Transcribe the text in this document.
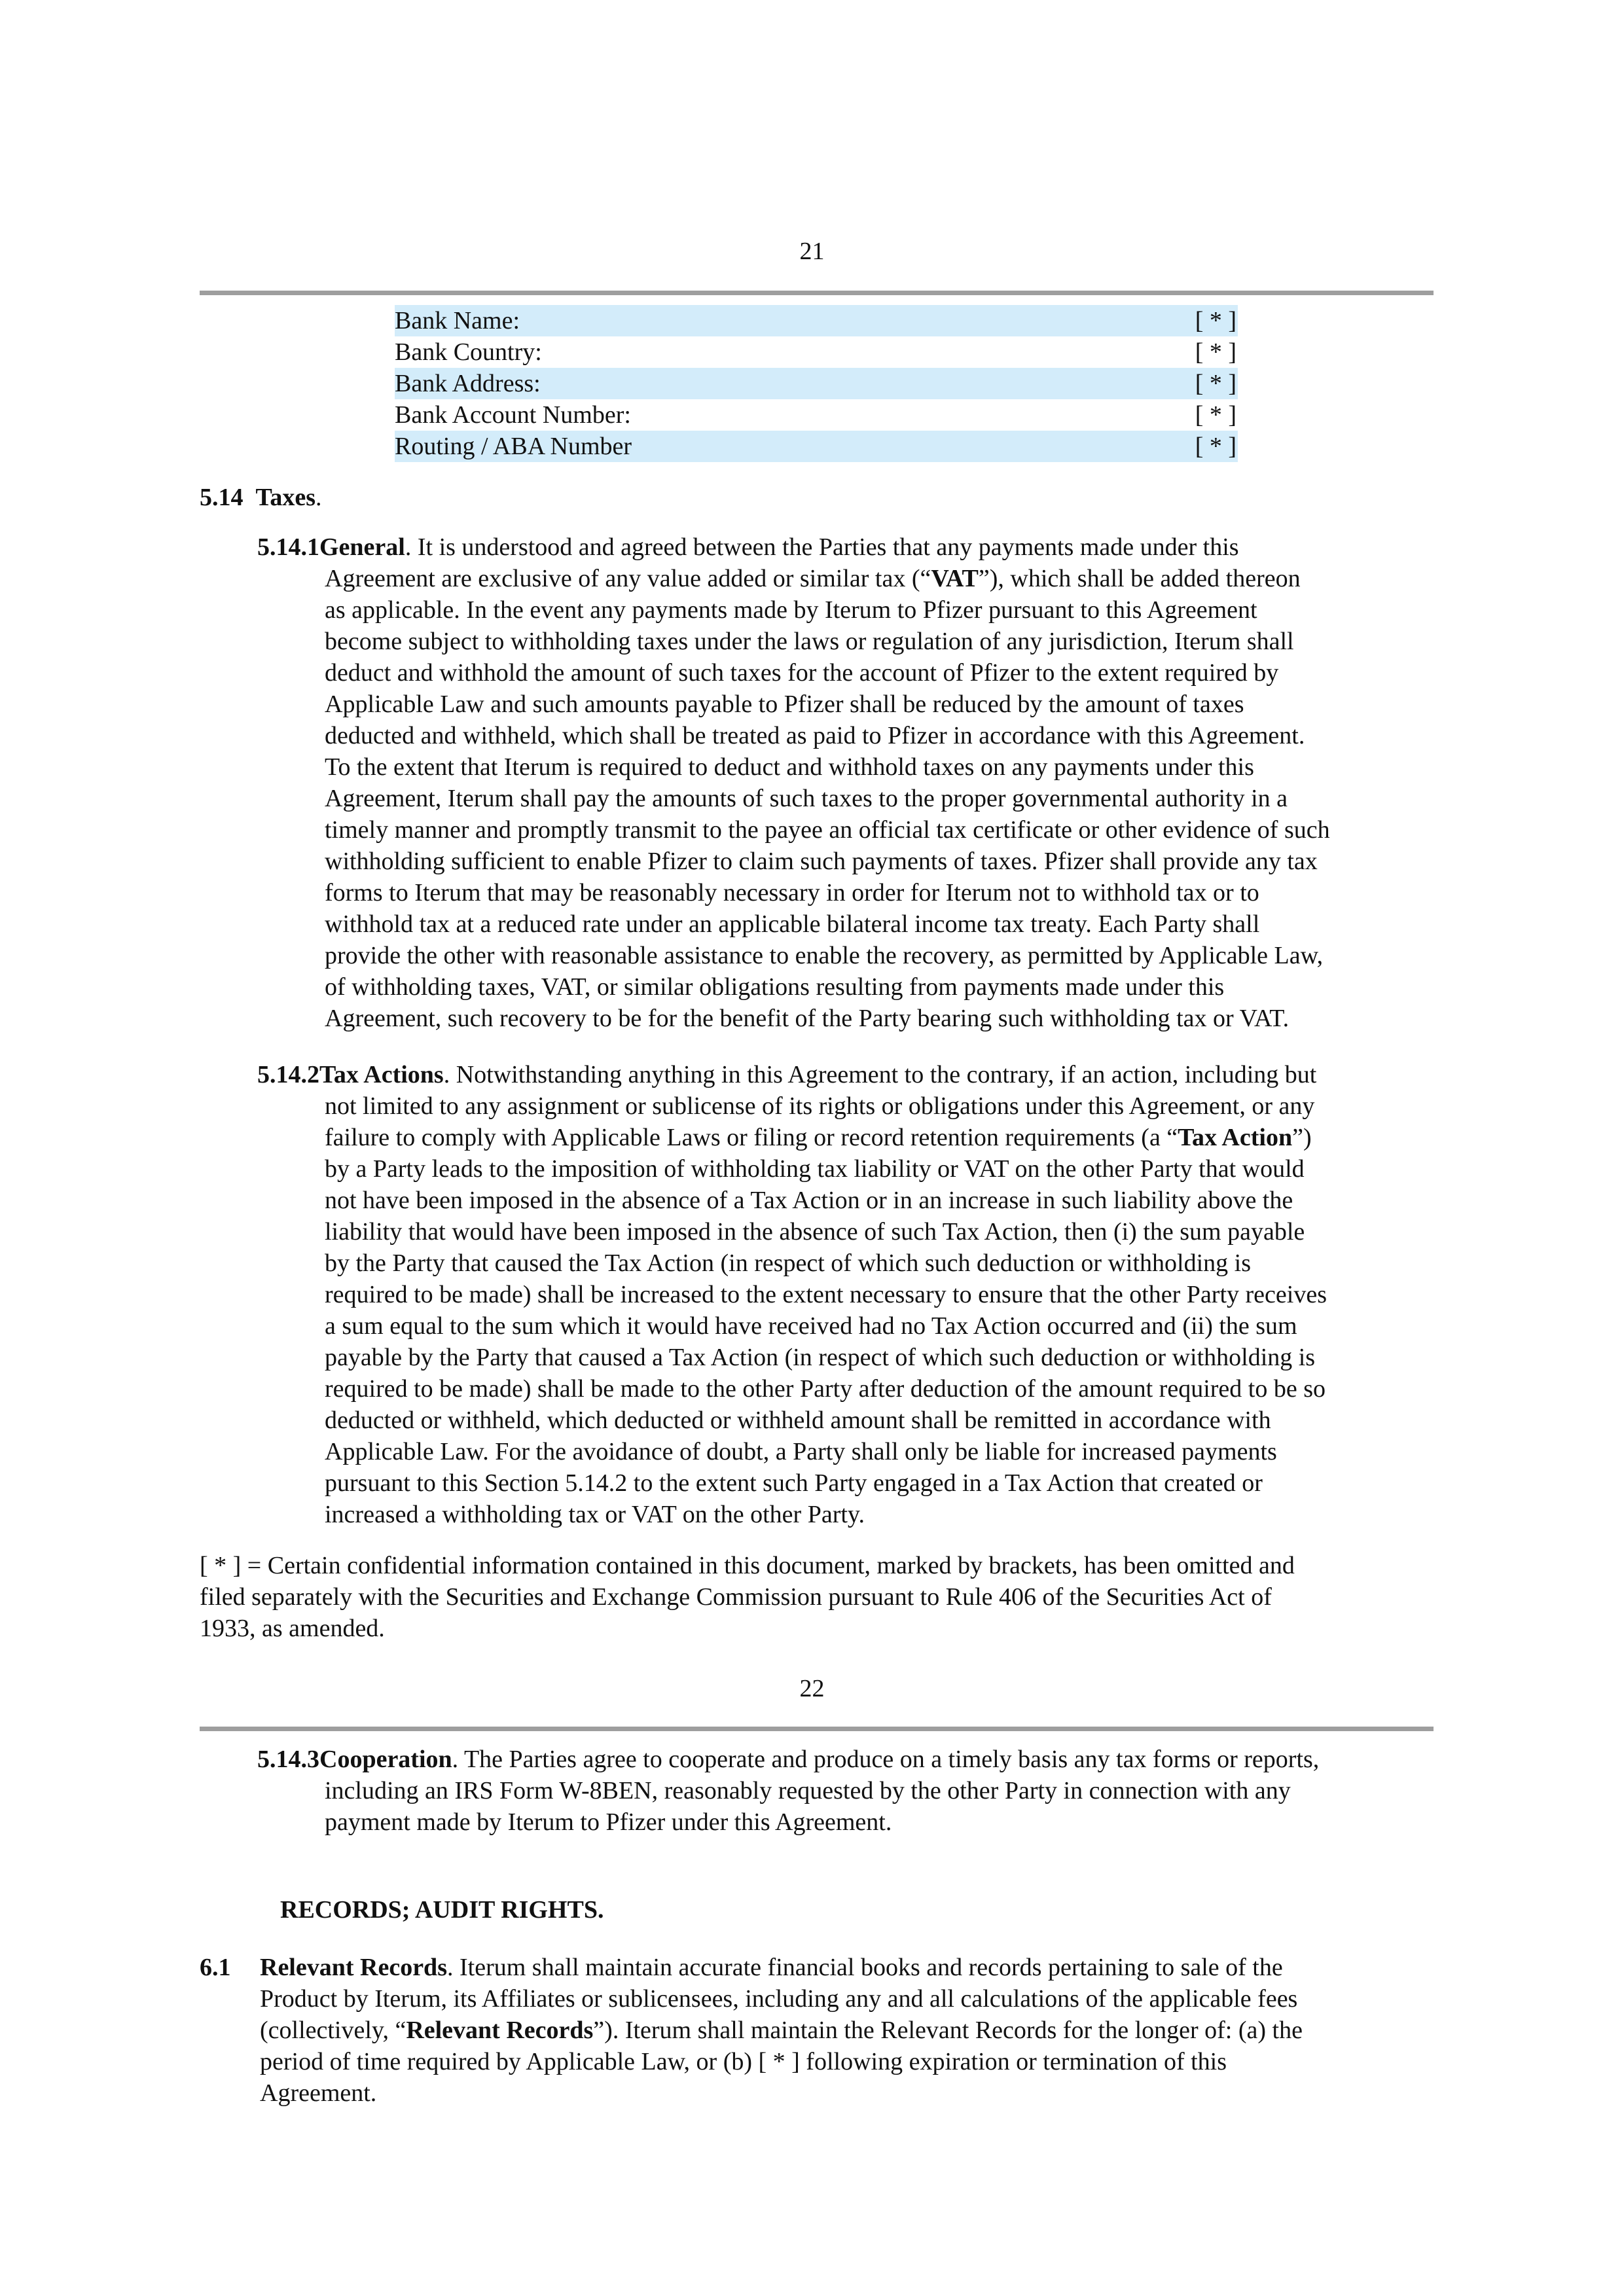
21
Bank Name:	[ * ]
Bank Country:	[ * ]
Bank Address:	[ * ]
Bank Account Number:	[ * ]
Routing / ABA Number	[ * ]
5.14 Taxes.
5.14.1General. It is understood and agreed between the Parties that any payments made under this
Agreement are exclusive of any value added or similar tax (“VAT”), which shall be added thereon
as applicable. In the event any payments made by Iterum to Pfizer pursuant to this Agreement
become subject to withholding taxes under the laws or regulation of any jurisdiction, Iterum shall
deduct and withhold the amount of such taxes for the account of Pfizer to the extent required by
Applicable Law and such amounts payable to Pfizer shall be reduced by the amount of taxes
deducted and withheld, which shall be treated as paid to Pfizer in accordance with this Agreement.
To the extent that Iterum is required to deduct and withhold taxes on any payments under this
Agreement, Iterum shall pay the amounts of such taxes to the proper governmental authority in a
timely manner and promptly transmit to the payee an official tax certificate or other evidence of such
withholding sufficient to enable Pfizer to claim such payments of taxes. Pfizer shall provide any tax
forms to Iterum that may be reasonably necessary in order for Iterum not to withhold tax or to
withhold tax at a reduced rate under an applicable bilateral income tax treaty. Each Party shall
provide the other with reasonable assistance to enable the recovery, as permitted by Applicable Law,
of withholding taxes, VAT, or similar obligations resulting from payments made under this
Agreement, such recovery to be for the benefit of the Party bearing such withholding tax or VAT.
5.14.2Tax Actions. Notwithstanding anything in this Agreement to the contrary, if an action, including but
not limited to any assignment or sublicense of its rights or obligations under this Agreement, or any
failure to comply with Applicable Laws or filing or record retention requirements (a “Tax Action”)
by a Party leads to the imposition of withholding tax liability or VAT on the other Party that would
not have been imposed in the absence of a Tax Action or in an increase in such liability above the
liability that would have been imposed in the absence of such Tax Action, then (i) the sum payable
by the Party that caused the Tax Action (in respect of which such deduction or withholding is
required to be made) shall be increased to the extent necessary to ensure that the other Party receives
a sum equal to the sum which it would have received had no Tax Action occurred and (ii) the sum
payable by the Party that caused a Tax Action (in respect of which such deduction or withholding is
required to be made) shall be made to the other Party after deduction of the amount required to be so
deducted or withheld, which deducted or withheld amount shall be remitted in accordance with
Applicable Law. For the avoidance of doubt, a Party shall only be liable for increased payments
pursuant to this Section 5.14.2 to the extent such Party engaged in a Tax Action that created or
increased a withholding tax or VAT on the other Party.
[ * ] = Certain confidential information contained in this document, marked by brackets, has been omitted and
filed separately with the Securities and Exchange Commission pursuant to Rule 406 of the Securities Act of
1933, as amended.
22
5.14.3Cooperation. The Parties agree to cooperate and produce on a timely basis any tax forms or reports,
including an IRS Form W-8BEN, reasonably requested by the other Party in connection with any
payment made by Iterum to Pfizer under this Agreement.
RECORDS; AUDIT RIGHTS.
6.1 Relevant Records. Iterum shall maintain accurate financial books and records pertaining to sale of the
Product by Iterum, its Affiliates or sublicensees, including any and all calculations of the applicable fees
(collectively, “Relevant Records”). Iterum shall maintain the Relevant Records for the longer of: (a) the
period of time required by Applicable Law, or (b) [ * ] following expiration or termination of this
Agreement.
